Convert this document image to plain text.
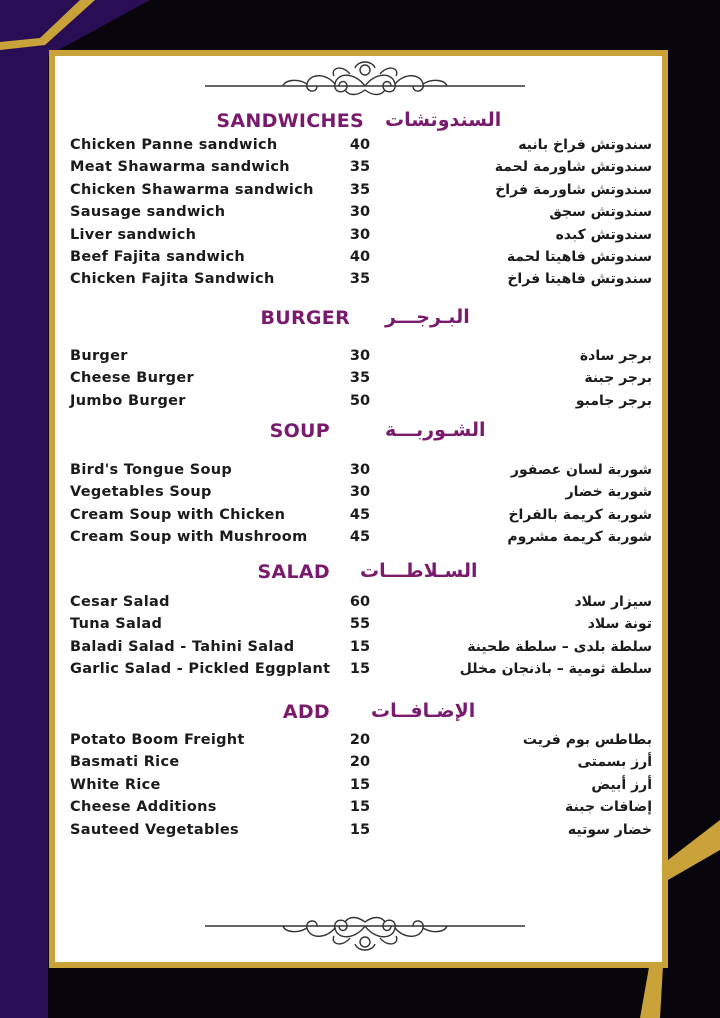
SANDWICHES السندوتشات
Chicken Panne sandwich	40	سندوتش فراخ بانيه
Meat Shawarma sandwich	35	سندوتش شاورمة لحمة
Chicken Shawarma sandwich	35	سندوتش شاورمة فراخ
Sausage sandwich	30	سندوتش سجق
Liver sandwich	30	سندوتش كبده
Beef Fajita sandwich	40	سندوتش فاهيتا لحمة
Chicken Fajita Sandwich	35	سندوتش فاهيتا فراخ
BURGER البـرجـــر
Burger	30	برجر سادة
Cheese Burger	35	برجر جبنة
Jumbo Burger	50	برجر جامبو
SOUP	الشـوربـــة
Bird's Tongue Soup	30	شوربة لسان عصفور
Vegetables Soup	30	شوربة خضار
Cream Soup with Chicken	45	شوربة كريمة بالفراخ
Cream Soup with Mushroom	45	شوربة كريمة مشروم
SALAD السـلاطـــات
Cesar Salad	60	سيزار سلاد
Tuna Salad	55	تونة سلاد
Baladi Salad - Tahini Salad	15	سلطة بلدى – سلطة طحينة
Garlic Salad - Pickled Eggplant	15	سلطة ثومية – باذنجان مخلل
ADD الإضـافــات
Potato Boom Freight	20	بطاطس بوم فريت
Basmati Rice	20	أرز بسمتى
White Rice	15	أرز أبيض
Cheese Additions	15	إضافات جبنة
Sauteed Vegetables	15	خضار سوتيه
